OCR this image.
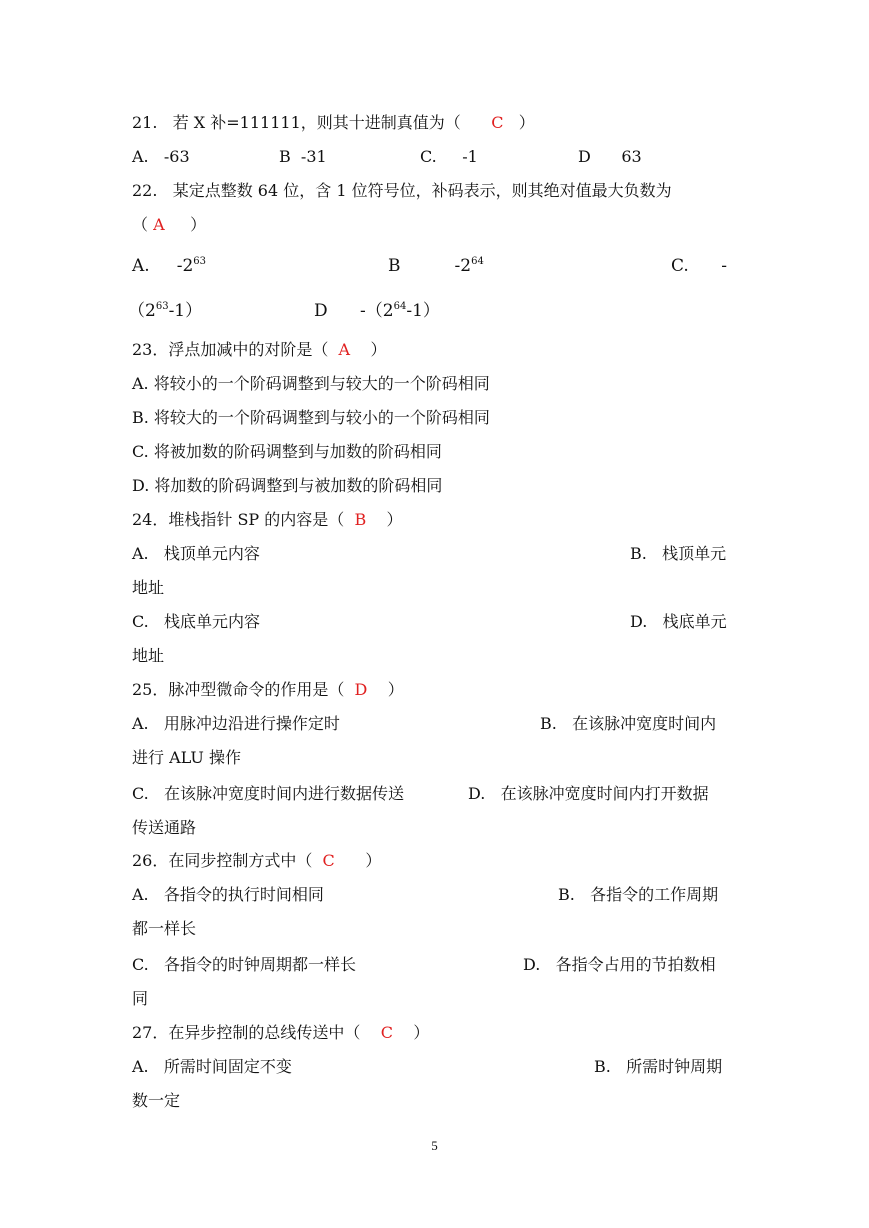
21.   若 X 补=111111，则其十进制真值为（ C ）
A.   -63	B  -31	C.     -1	D      63
22.   某定点整数 64 位，含 1 位符号位，补码表示，则其绝对值最大负数为
（ A ）
A.     $-2^{63}$	B          $-2^{64}$	C.      -
$(2^{63}-1)$	D      $-(2^{64}-1)$
23．浮点加减中的对阶是（ A ）
A. 将较小的一个阶码调整到与较大的一个阶码相同
B. 将较大的一个阶码调整到与较小的一个阶码相同
C. 将被加数的阶码调整到与加数的阶码相同
D. 将加数的阶码调整到与被加数的阶码相同
24．堆栈指针 SP 的内容是（ B ）
A.   栈顶单元内容	B.   栈顶单元
地址
C.   栈底单元内容	D.   栈底单元
地址
25．脉冲型微命令的作用是（ D ）
A.   用脉冲边沿进行操作定时	B.   在该脉冲宽度时间内
进行 ALU 操作
C.   在该脉冲宽度时间内进行数据传送	D.   在该脉冲宽度时间内打开数据
传送通路
26．在同步控制方式中（ C ）
A.   各指令的执行时间相同	B.   各指令的工作周期
都一样长
C.   各指令的时钟周期都一样长	D.   各指令占用的节拍数相
同
27．在异步控制的总线传送中（ C ）
A.   所需时间固定不变	B.   所需时钟周期
数一定
5
